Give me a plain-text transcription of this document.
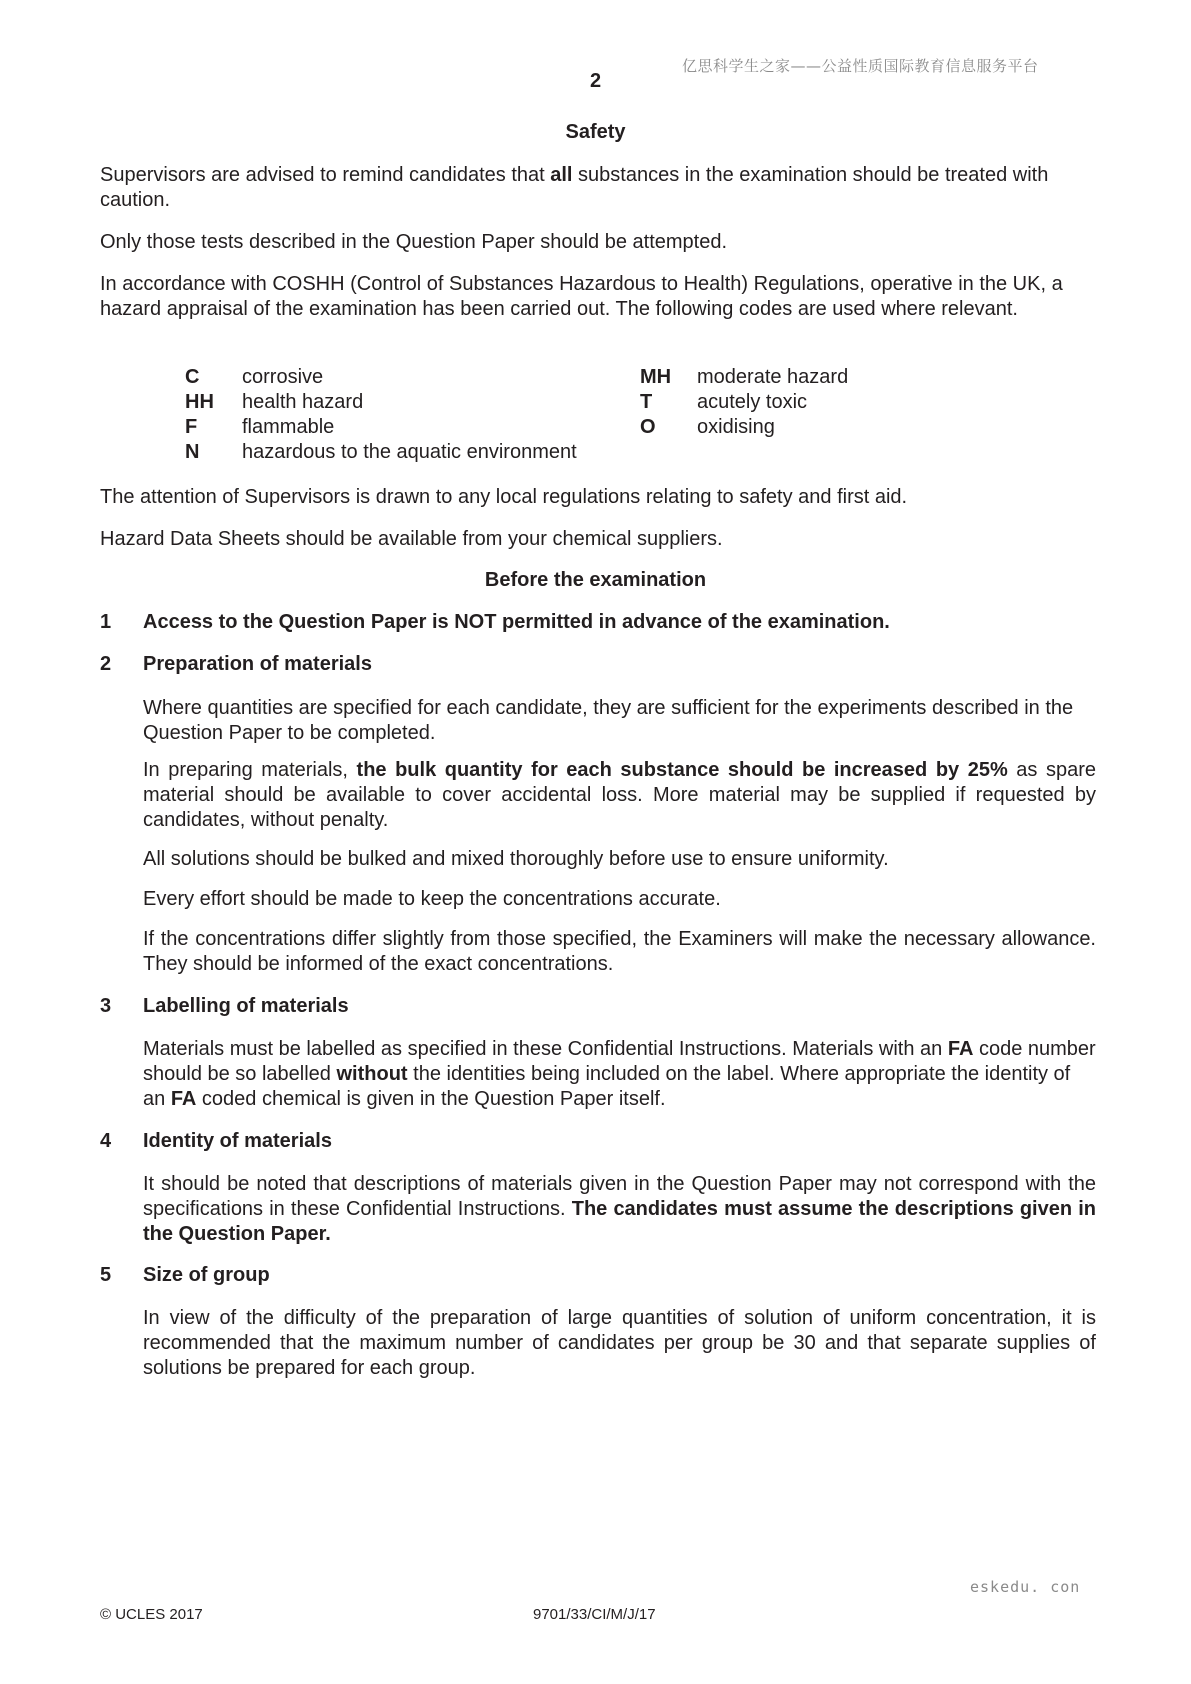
亿思科学生之家——公益性质国际教育信息服务平台
2
Safety
Supervisors are advised to remind candidates that all substances in the examination should be treated with caution.
Only those tests described in the Question Paper should be attempted.
In accordance with COSHH (Control of Substances Hazardous to Health) Regulations, operative in the UK, a hazard appraisal of the examination has been carried out. The following codes are used where relevant.
C corrosive
HH health hazard
F flammable
N hazardous to the aquatic environment
MH moderate hazard
T acutely toxic
O oxidising
The attention of Supervisors is drawn to any local regulations relating to safety and first aid.
Hazard Data Sheets should be available from your chemical suppliers.
Before the examination
1 Access to the Question Paper is NOT permitted in advance of the examination.
2 Preparation of materials
Where quantities are specified for each candidate, they are sufficient for the experiments described in the Question Paper to be completed.
In preparing materials, the bulk quantity for each substance should be increased by 25% as spare material should be available to cover accidental loss. More material may be supplied if requested by candidates, without penalty.
All solutions should be bulked and mixed thoroughly before use to ensure uniformity.
Every effort should be made to keep the concentrations accurate.
If the concentrations differ slightly from those specified, the Examiners will make the necessary allowance. They should be informed of the exact concentrations.
3 Labelling of materials
Materials must be labelled as specified in these Confidential Instructions. Materials with an FA code number should be so labelled without the identities being included on the label. Where appropriate the identity of an FA coded chemical is given in the Question Paper itself.
4 Identity of materials
It should be noted that descriptions of materials given in the Question Paper may not correspond with the specifications in these Confidential Instructions. The candidates must assume the descriptions given in the Question Paper.
5 Size of group
In view of the difficulty of the preparation of large quantities of solution of uniform concentration, it is recommended that the maximum number of candidates per group be 30 and that separate supplies of solutions be prepared for each group.
eskedu. con
© UCLES 2017	9701/33/CI/M/J/17
